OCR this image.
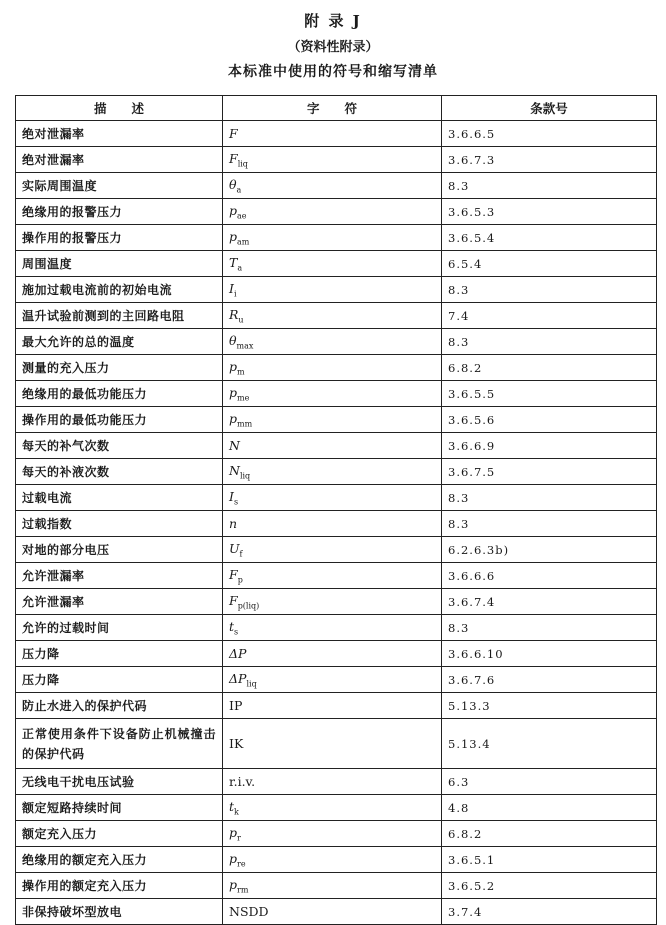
附 录 J
（资料性附录）
本标准中使用的符号和缩写清单
描　　述	字　　符	条款号
绝对泄漏率	F	3.6.6.5
绝对泄漏率	$F_{liq}$	3.6.7.3
实际周围温度	$\theta_a$	8.3
绝缘用的报警压力	$p_{ae}$	3.6.5.3
操作用的报警压力	$p_{am}$	3.6.5.4
周围温度	$T_a$	6.5.4
施加过载电流前的初始电流	$I_i$	8.3
温升试验前测到的主回路电阻	$R_u$	7.4
最大允许的总的温度	$\theta_{max}$	8.3
测量的充入压力	$p_m$	6.8.2
绝缘用的最低功能压力	$p_{me}$	3.6.5.5
操作用的最低功能压力	$p_{mm}$	3.6.5.6
每天的补气次数	N	3.6.6.9
每天的补液次数	$N_{liq}$	3.6.7.5
过载电流	$I_s$	8.3
过载指数	n	8.3
对地的部分电压	$U_f$	6.2.6.3b)
允许泄漏率	$F_p$	3.6.6.6
允许泄漏率	$F_{p(liq)}$	3.6.7.4
允许的过载时间	$t_s$	8.3
压力降	ΔP	3.6.6.10
压力降	$\Delta P_{liq}$	3.6.7.6
防止水进入的保护代码	IP	5.13.3
正常使用条件下设备防止机械撞击的保护代码	IK	5.13.4
无线电干扰电压试验	r.i.v.	6.3
额定短路持续时间	$t_k$	4.8
额定充入压力	$p_r$	6.8.2
绝缘用的额定充入压力	$p_{re}$	3.6.5.1
操作用的额定充入压力	$p_{rm}$	3.6.5.2
非保持破坏型放电	NSDD	3.7.4
